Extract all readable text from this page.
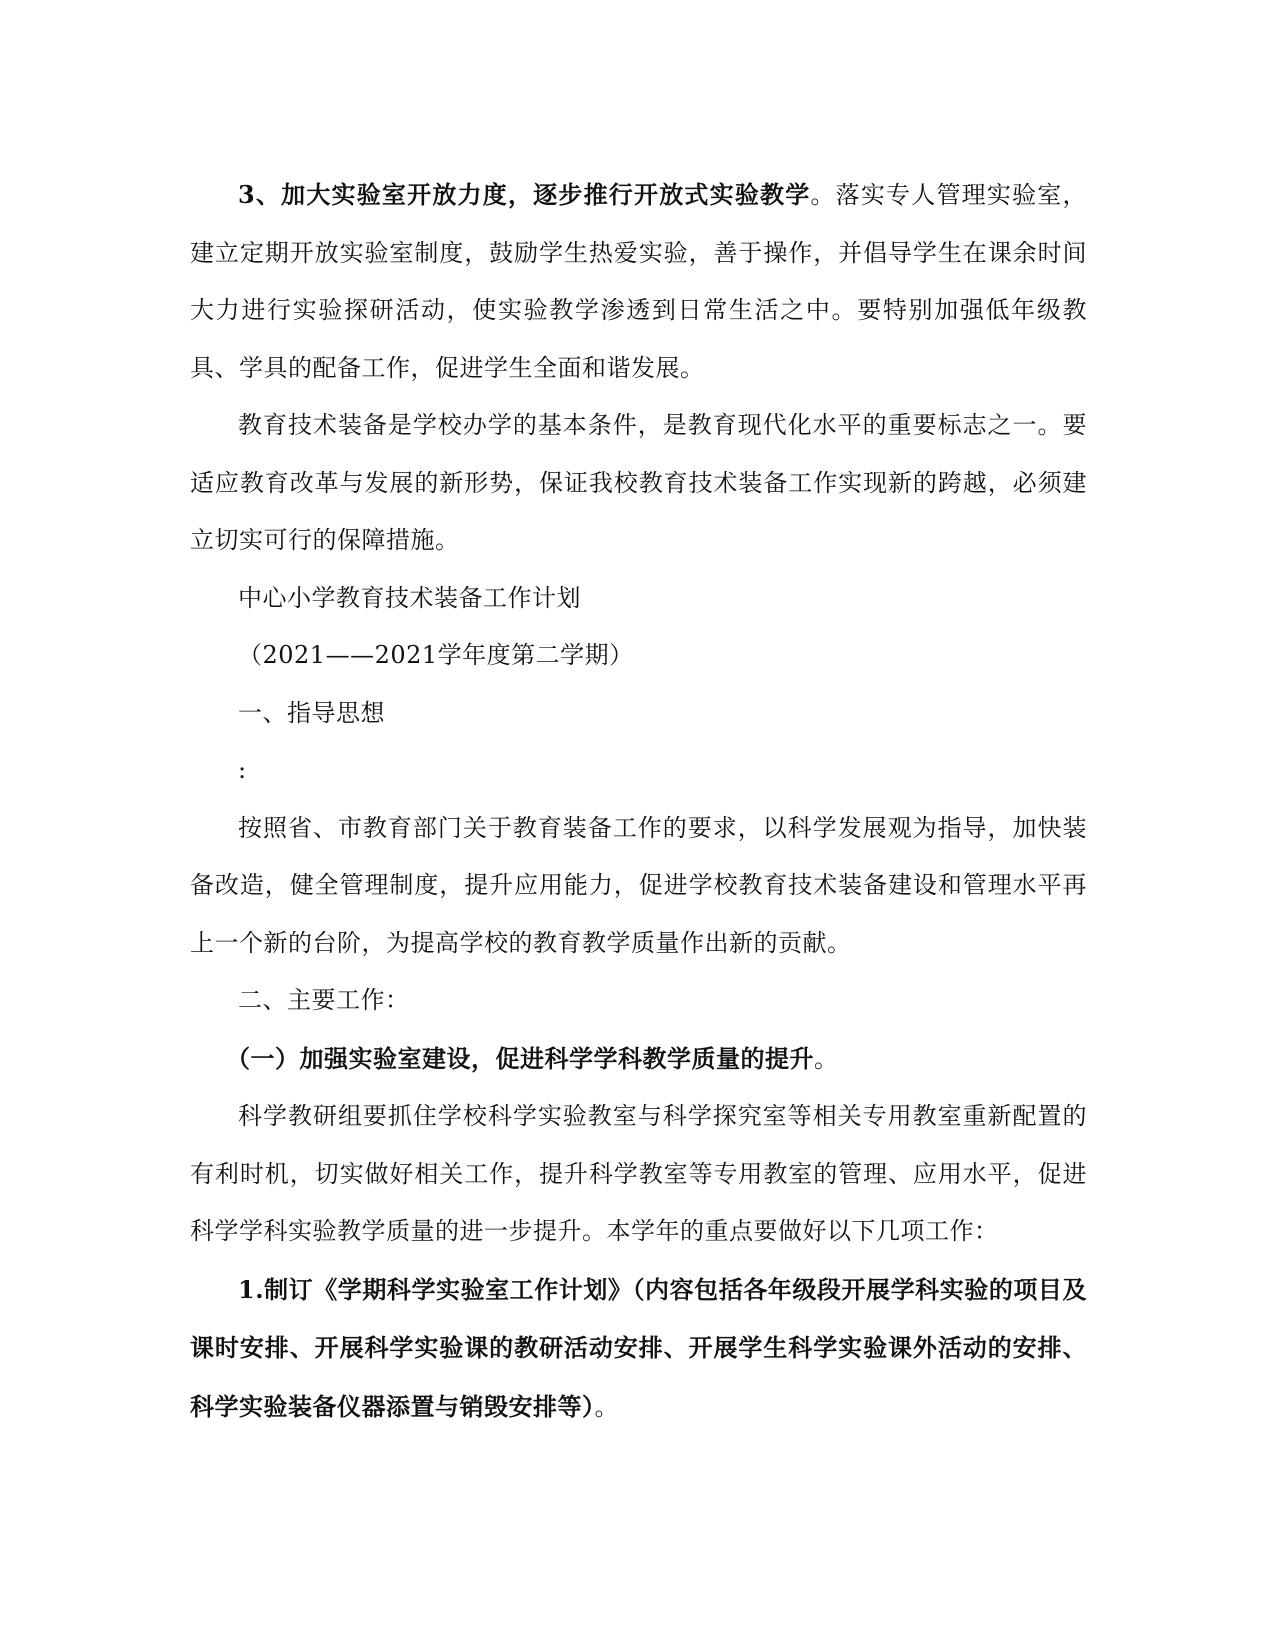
3、加大实验室开放力度，逐步推行开放式实验教学。落实专人管理实验室，建立定期开放实验室制度，鼓励学生热爱实验，善于操作，并倡导学生在课余时间大力进行实验探研活动，使实验教学渗透到日常生活之中。要特别加强低年级教具、学具的配备工作，促进学生全面和谐发展。

教育技术装备是学校办学的基本条件，是教育现代化水平的重要标志之一。要适应教育改革与发展的新形势，保证我校教育技术装备工作实现新的跨越，必须建立切实可行的保障措施。

中心小学教育技术装备工作计划

（2021——2021学年度第二学期）

一、指导思想

:

按照省、市教育部门关于教育装备工作的要求，以科学发展观为指导，加快装备改造，健全管理制度，提升应用能力，促进学校教育技术装备建设和管理水平再上一个新的台阶，为提高学校的教育教学质量作出新的贡献。

二、主要工作：

（一）加强实验室建设，促进科学学科教学质量的提升。

科学教研组要抓住学校科学实验教室与科学探究室等相关专用教室重新配置的有利时机，切实做好相关工作，提升科学教室等专用教室的管理、应用水平，促进科学学科实验教学质量的进一步提升。本学年的重点要做好以下几项工作：

1.制订《学期科学实验室工作计划》（内容包括各年级段开展学科实验的项目及课时安排、开展科学实验课的教研活动安排、开展学生科学实验课外活动的安排、科学实验装备仪器添置与销毁安排等）。
